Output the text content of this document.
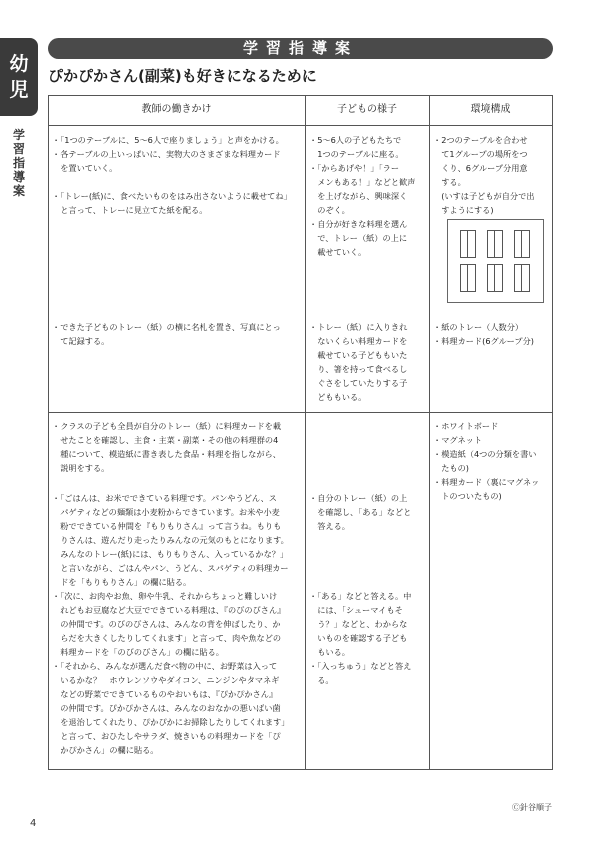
幼
児
学
習
指
導
案
学習指導案
ぴかぴかさん(副菜)も好きになるために
教師の働きかけ	子どもの様子	環境構成

・「1つのテーブルに、5～6人で座りましょう」と声をかける。

・各テーブルの上いっぱいに、実物大のさまざまな料理カード

　を置いていく。

・「トレー(紙)に、食べたいものをはみ出さないように載せてね」

　と言って、トレーに見立てた紙を配る。

・5～6人の子どもたちで

　1つのテーブルに座る。

・「からあげや！」「ラー

　メンもある！」などと歓声

　を上げながら、興味深く

　のぞく。

・自分が好きな料理を選ん

　で、トレー（紙）の上に

　載せていく。

・2つのテーブルを合わせ

　て1グループの場所をつ

　くり、6グループ分用意

　する。

　(いすは子どもが自分で出

　すようにする)

・できた子どものトレー（紙）の横に名札を置き、写真にとっ

　て記録する。

・トレー（紙）に入りきれ

　ないくらい料理カードを

　載せている子どももいた

　り、箸を持って食べるし

　ぐさをしていたりする子

　どももいる。

・紙のトレー（人数分）

・料理カード(6グループ分)

・クラスの子ども全員が自分のトレー（紙）に料理カードを載

　せたことを確認し、主食・主菜・副菜・その他の料理群の4

　種について、模造紙に書き表した食品・料理を指しながら、

　説明をする。

・「ごはんは、お米でできている料理です。パンやうどん、ス

　パゲティなどの麺類は小麦粉からできています。お米や小麦

　粉でできている仲間を『もりもりさん』って言うね。もりも

　りさんは、遊んだり走ったりみんなの元気のもとになります。

　みんなのトレー(紙)には、もりもりさん、入っているかな？」

　と言いながら、ごはんやパン、うどん、スパゲティの料理カー

　ドを「もりもりさん」の欄に貼る。

・「次に、お肉やお魚、卵や牛乳、それからちょっと難しいけ

　れどもお豆腐など大豆でできている料理は、『のびのびさん』

　の仲間です。のびのびさんは、みんなの背を伸ばしたり、か

　らだを大きくしたりしてくれます」と言って、肉や魚などの

　料理カードを「のびのびさん」の欄に貼る。

・「それから、みんなが選んだ食べ物の中に、お野菜は入って

　いるかな？　ホウレンソウやダイコン、ニンジンやタマネギ

　などの野菜でできているものやおいもは、『ぴかぴかさん』

　の仲間です。ぴかぴかさんは、みんなのおなかの悪いばい菌

　を退治してくれたり、ぴかぴかにお掃除したりしてくれます」

　と言って、おひたしやサラダ、焼きいもの料理カードを「ぴ

　かぴかさん」の欄に貼る。

・自分のトレー（紙）の上

　を確認し、「ある」などと

　答える。

・「ある」などと答える。中

　には、「シューマイもそ

　う？」などと、わからな

　いものを確認する子ども

　もいる。

・「入っちゅう」などと答え

　る。

・ホワイトボード

・マグネット

・模造紙（4つの分類を書い

　たもの)

・料理カード（裏にマグネッ

　トのついたもの)

Ⓒ針谷順子
4
